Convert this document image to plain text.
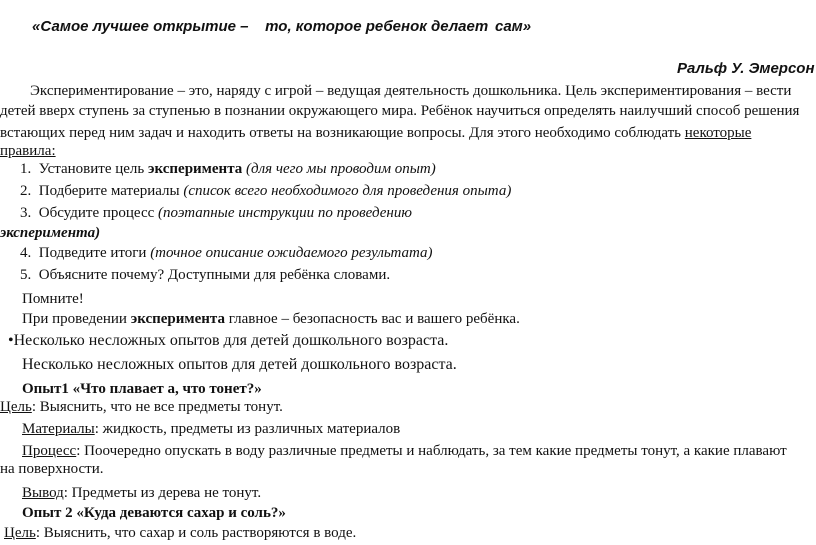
«Самое лучшее открытие – то, которое ребенок делает сам»
Ральф У. Эмерсон
Экспериментирование – это, наряду с игрой – ведущая деятельность дошкольника. Цель экспериментирования – вести
детей вверх ступень за ступенью в познании окружающего мира. Ребёнок научиться определять наилучший способ решения
встающих перед ним задач и находить ответы на возникающие вопросы. Для этого необходимо соблюдать некоторые
правила:
1. Установите цель эксперимента (для чего мы проводим опыт)
2. Подберите материалы (список всего необходимого для проведения опыта)
3. Обсудите процесс (поэтапные инструкции по проведению
эксперимента)
4. Подведите итоги (точное описание ожидаемого результата)
5. Объясните почему? Доступными для ребёнка словами.
Помните!
При проведении эксперимента главное – безопасность вас и вашего ребёнка.
•Несколько несложных опытов для детей дошкольного возраста.
Несколько несложных опытов для детей дошкольного возраста.
Опыт1 «Что плавает а, что тонет?»
Цель: Выяснить, что не все предметы тонут.
Материалы: жидкость, предметы из различных материалов
Процесс: Поочередно опускать в воду различные предметы и наблюдать, за тем какие предметы тонут, а какие плавают
на поверхности.
Вывод: Предметы из дерева не тонут.
Опыт 2 «Куда деваются сахар и соль?»
Цель: Выяснить, что сахар и соль растворяются в воде.
